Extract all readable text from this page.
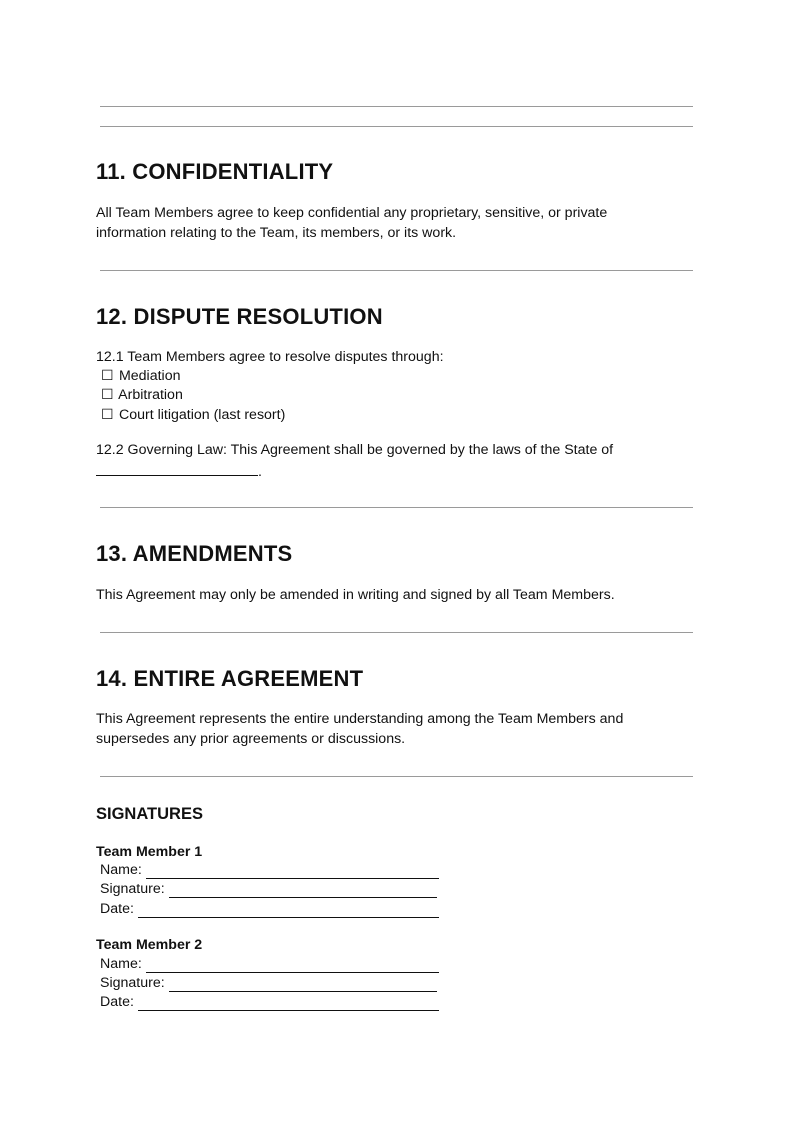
11. CONFIDENTIALITY

All Team Members agree to keep confidential any proprietary, sensitive, or private

information relating to the Team, its members, or its work.

12. DISPUTE RESOLUTION

12.1 Team Members agree to resolve disputes through:

☐ Mediation
☐ Arbitration
☐ Court litigation (last resort)

12.2 Governing Law: This Agreement shall be governed by the laws of the State of

.

13. AMENDMENTS

This Agreement may only be amended in writing and signed by all Team Members.

14. ENTIRE AGREEMENT

This Agreement represents the entire understanding among the Team Members and

supersedes any prior agreements or discussions.

SIGNATURES
Team Member 1
Name:
Signature:
Date:
Team Member 2
Name:
Signature:
Date:
